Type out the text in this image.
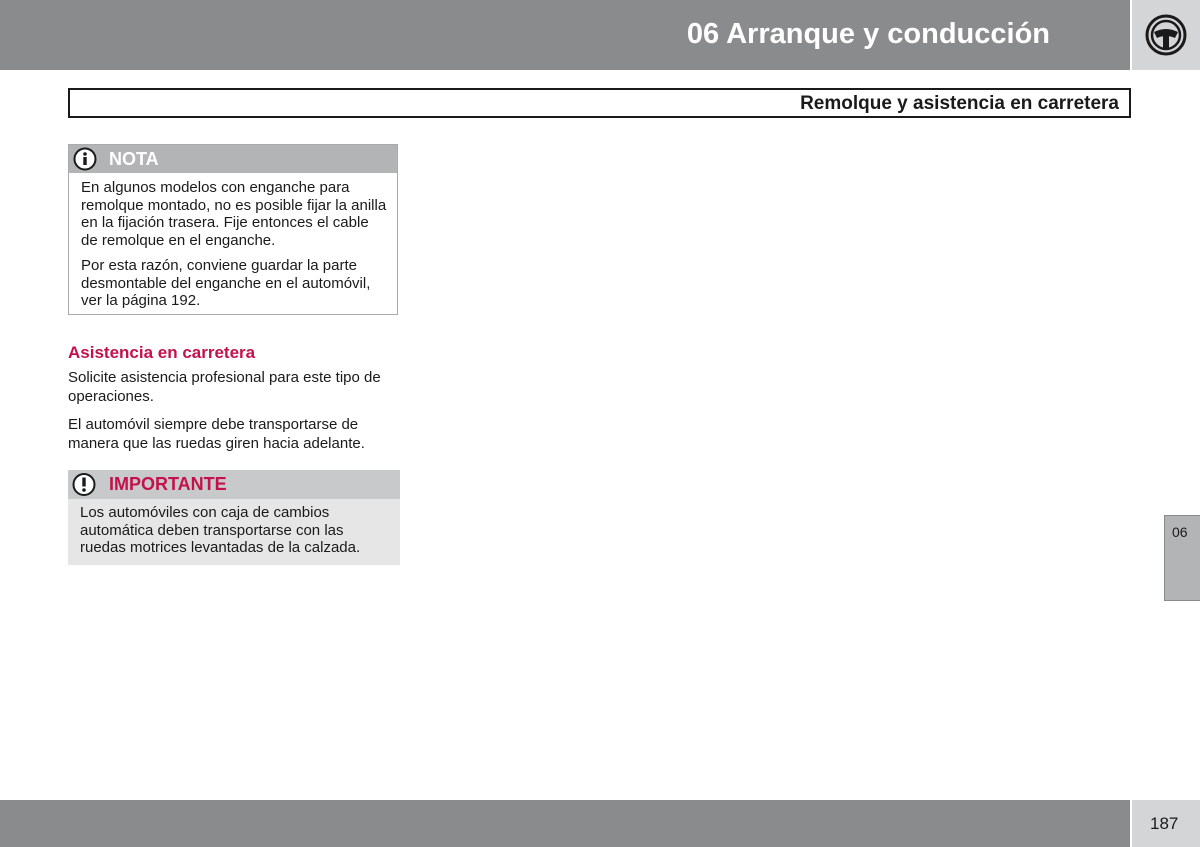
06 Arranque y conducción
Remolque y asistencia en carretera
NOTA

En algunos modelos con enganche para remolque montado, no es posible fijar la anilla en la fijación trasera. Fije entonces el cable de remolque en el enganche.

Por esta razón, conviene guardar la parte desmontable del enganche en el automóvil, ver la página 192.

Asistencia en carretera

Solicite asistencia profesional para este tipo de operaciones.

El automóvil siempre debe transportarse de manera que las ruedas giren hacia adelante.

IMPORTANTE

Los automóviles con caja de cambios automática deben transportarse con las ruedas motrices levantadas de la calzada.

06
187
